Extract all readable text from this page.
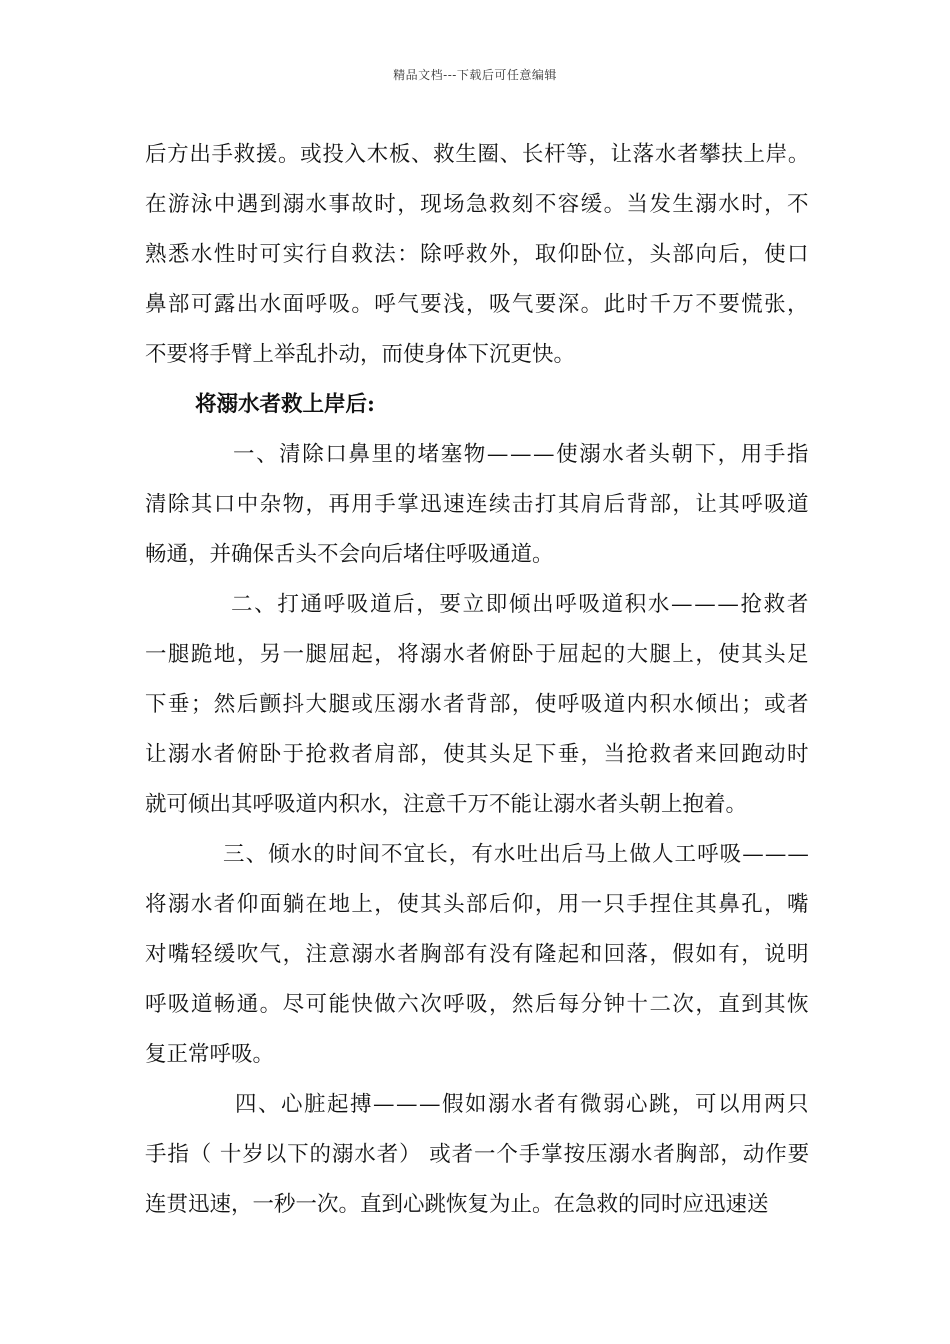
精品文档---下载后可任意编辑
后方出手救援。或投入木板、救生圈、长杆等，让落水者攀扶上岸。
在游泳中遇到溺水事故时，现场急救刻不容缓。当发生溺水时，不
熟悉水性时可实行自救法：除呼救外，取仰卧位，头部向后，使口
鼻部可露出水面呼吸。呼气要浅，吸气要深。此时千万不要慌张，
不要将手臂上举乱扑动，而使身体下沉更快。
将溺水者救上岸后:
一、清除口鼻里的堵塞物———使溺水者头朝下，用手指
清除其口中杂物，再用手掌迅速连续击打其肩后背部，让其呼吸道
畅通，并确保舌头不会向后堵住呼吸通道。
二、打通呼吸道后，要立即倾出呼吸道积水———抢救者
一腿跪地，另一腿屈起，将溺水者俯卧于屈起的大腿上，使其头足
下垂；然后颤抖大腿或压溺水者背部，使呼吸道内积水倾出；或者
让溺水者俯卧于抢救者肩部，使其头足下垂，当抢救者来回跑动时
就可倾出其呼吸道内积水，注意千万不能让溺水者头朝上抱着。
三、倾水的时间不宜长，有水吐出后马上做人工呼吸———
将溺水者仰面躺在地上，使其头部后仰，用一只手捏住其鼻孔，嘴
对嘴轻缓吹气，注意溺水者胸部有没有隆起和回落，假如有，说明
呼吸道畅通。尽可能快做六次呼吸，然后每分钟十二次，直到其恢
复正常呼吸。
四、心脏起搏———假如溺水者有微弱心跳，可以用两只
手指（ 十岁以下的溺水者） 或者一个手掌按压溺水者胸部，动作要
连贯迅速，一秒一次。直到心跳恢复为止。在急救的同时应迅速送
